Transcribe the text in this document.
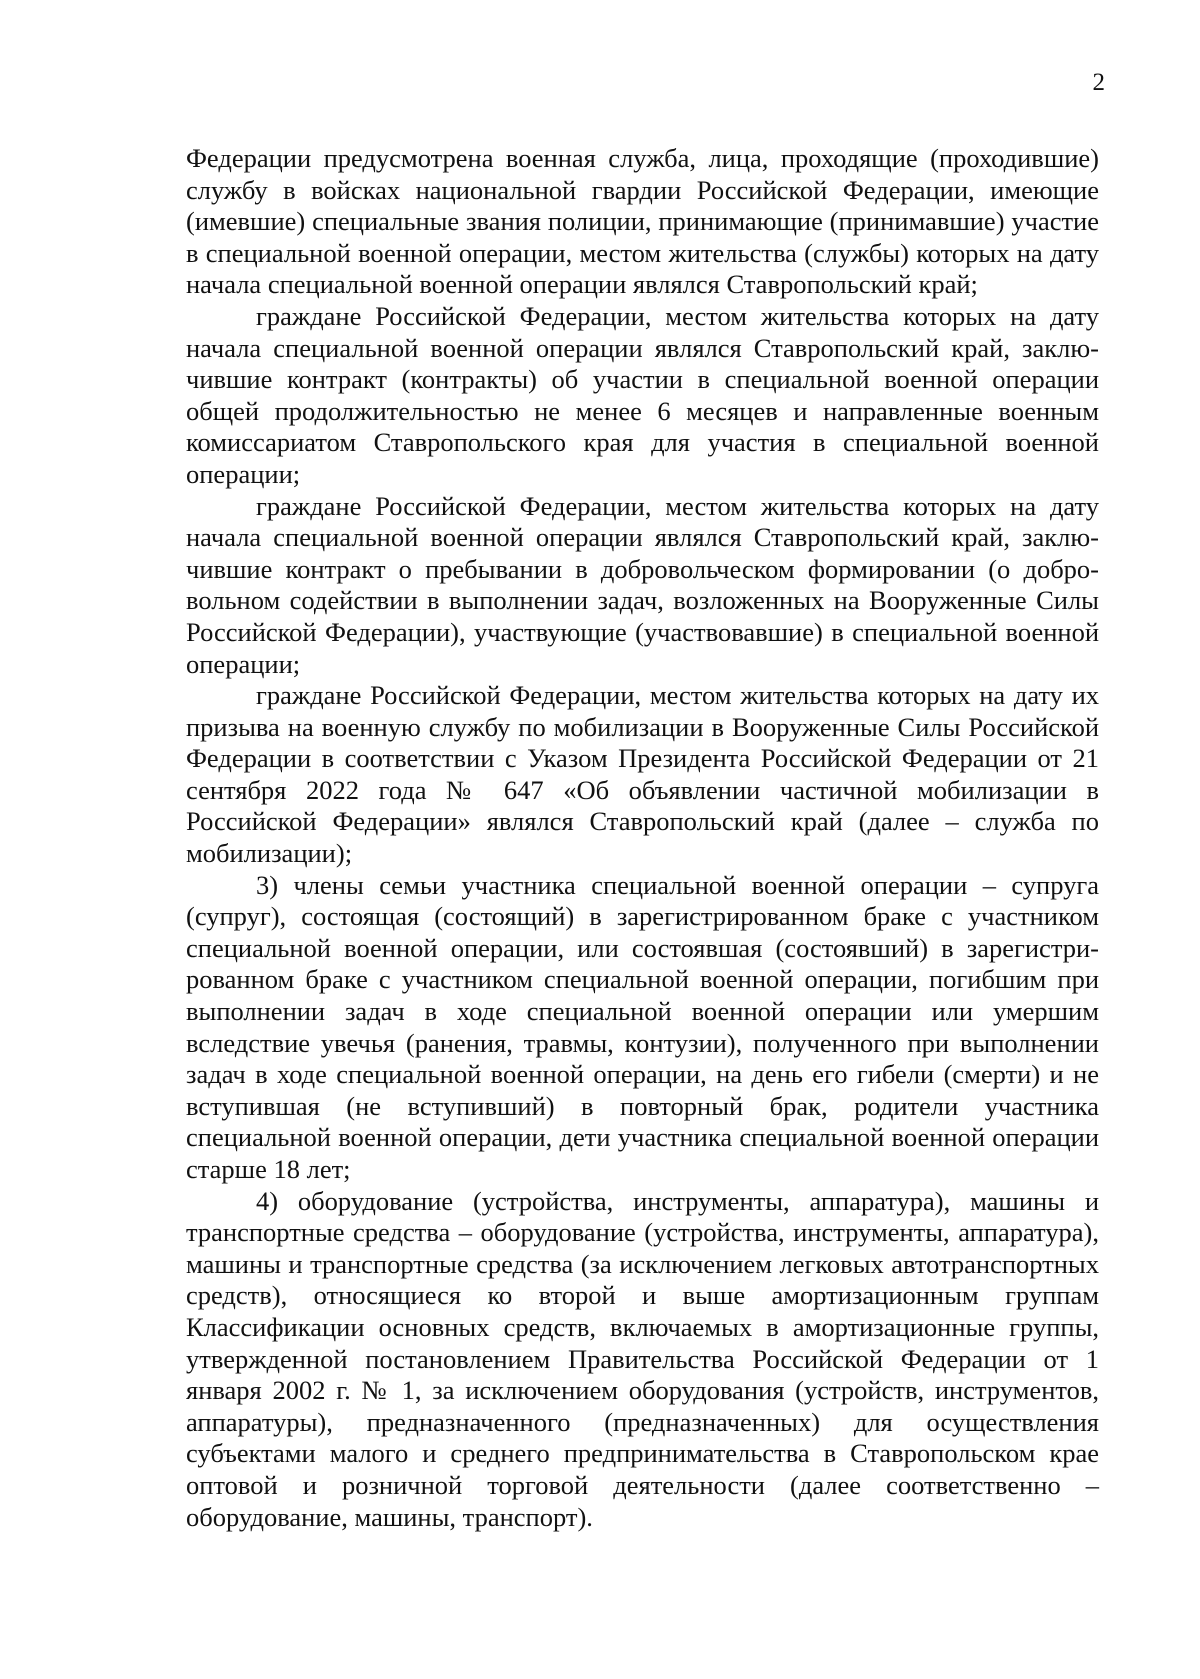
2

Федерации предусмотрена военная служба, лица, проходящие (проходившие) службу в войсках национальной гвардии Российской Федерации, имеющие (имевшие) специальные звания полиции, принимающие (принимавшие) участие в специальной военной операции, местом жительства (службы) которых на дату начала специальной военной операции являлся Ставропольский край;

граждане Российской Федерации, местом жительства которых на дату начала специальной военной операции являлся Ставропольский край, заключившие контракт (контракты) об участии в специальной военной операции общей продолжительностью не менее 6 месяцев и направленные военным комиссариатом Ставропольского края для участия в специальной военной операции;

граждане Российской Федерации, местом жительства которых на дату начала специальной военной операции являлся Ставропольский край, заключившие контракт о пребывании в добровольческом формировании (о добровольном содействии в выполнении задач, возложенных на Вооруженные Силы Российской Федерации), участвующие (участвовавшие) в специальной военной операции;

граждане Российской Федерации, местом жительства которых на дату их призыва на военную службу по мобилизации в Вооруженные Силы Российской Федерации в соответствии с Указом Президента Российской Федерации от 21 сентября 2022 года № 647 «Об объявлении частичной мобилизации в Российской Федерации» являлся Ставропольский край (далее – служба по мобилизации);

3) члены семьи участника специальной военной операции – супруга (супруг), состоящая (состоящий) в зарегистрированном браке с участником специальной военной операции, или состоявшая (состоявший) в зарегистрированном браке с участником специальной военной операции, погибшим при выполнении задач в ходе специальной военной операции или умершим вследствие увечья (ранения, травмы, контузии), полученного при выполнении задач в ходе специальной военной операции, на день его гибели (смерти) и не вступившая (не вступивший) в повторный брак, родители участника специальной военной операции, дети участника специальной военной операции старше 18 лет;

4) оборудование (устройства, инструменты, аппаратура), машины и транспортные средства – оборудование (устройства, инструменты, аппаратура), машины и транспортные средства (за исключением легковых автотранспортных средств), относящиеся ко второй и выше амортизационным группам Классификации основных средств, включаемых в амортизационные группы, утвержденной постановлением Правительства Российской Федерации от 1 января 2002 г. № 1, за исключением оборудования (устройств, инструментов, аппаратуры), предназначенного (предназначенных) для осуществления субъектами малого и среднего предпринимательства в Ставропольском крае оптовой и розничной торговой деятельности (далее соответственно – оборудование, машины, транспорт).
